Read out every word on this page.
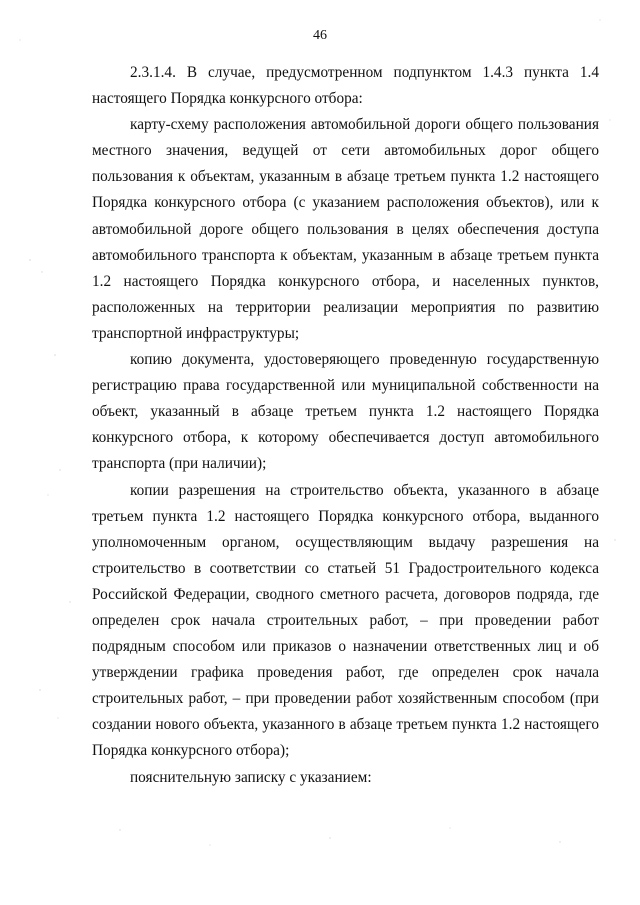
46

2.3.1.4. В случае, предусмотренном подпунктом 1.4.3 пункта 1.4 настоящего Порядка конкурсного отбора:

карту-схему расположения автомобильной дороги общего пользования местного значения, ведущей от сети автомобильных дорог общего пользования к объектам, указанным в абзаце третьем пункта 1.2 настоящего Порядка конкурсного отбора (с указанием расположения объектов), или к автомобильной дороге общего пользования в целях обеспечения доступа автомобильного транспорта к объектам, указанным в абзаце третьем пункта 1.2 настоящего Порядка конкурсного отбора, и населенных пунктов, расположенных на территории реализации мероприятия по развитию транспортной инфраструктуры;

копию документа, удостоверяющего проведенную государственную регистрацию права государственной или муниципальной собственности на объект, указанный в абзаце третьем пункта 1.2 настоящего Порядка конкурсного отбора, к которому обеспечивается доступ автомобильного транспорта (при наличии);

копии разрешения на строительство объекта, указанного в абзаце третьем пункта 1.2 настоящего Порядка конкурсного отбора, выданного уполномоченным органом, осуществляющим выдачу разрешения на строительство в соответствии со статьей 51 Градостроительного кодекса Российской Федерации, сводного сметного расчета, договоров подряда, где определен срок начала строительных работ, – при проведении работ подрядным способом или приказов о назначении ответственных лиц и об утверждении графика проведения работ, где определен срок начала строительных работ, – при проведении работ хозяйственным способом (при создании нового объекта, указанного в абзаце третьем пункта 1.2 настоящего Порядка конкурсного отбора);

пояснительную записку с указанием:
